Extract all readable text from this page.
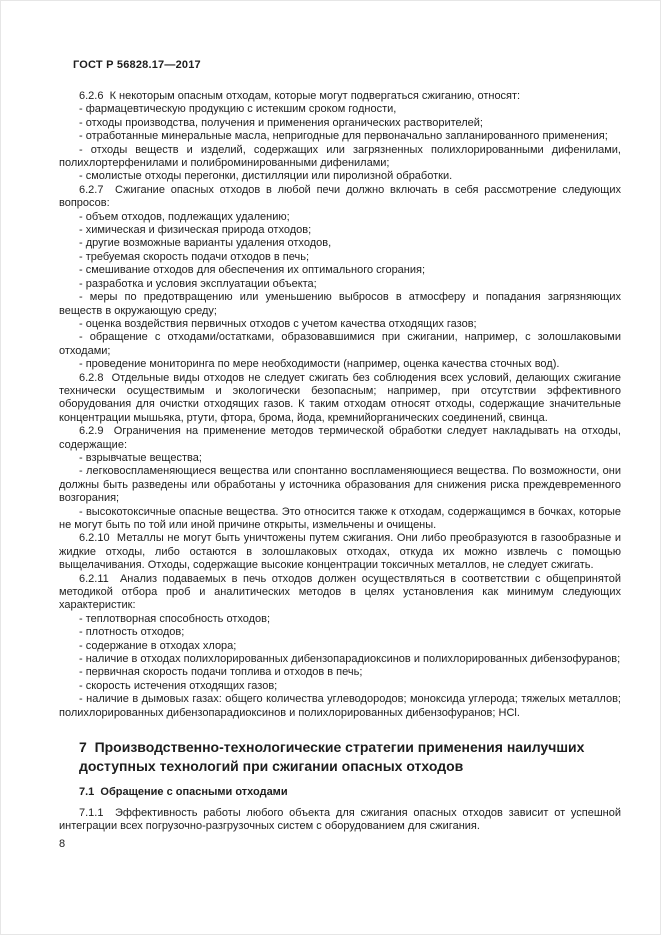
ГОСТ Р 56828.17—2017

6.2.6  К некоторым опасным отходам, которые могут подвергаться сжиганию, относят:

- фармацевтическую продукцию с истекшим сроком годности,

- отходы производства, получения и применения органических растворителей;

- отработанные минеральные масла, непригодные для первоначально запланированного применения;

- отходы веществ и изделий, содержащих или загрязненных полихлорированными дифенилами, полихлортерфенилами и полиброминированными дифенилами;

- смолистые отходы перегонки, дистилляции или пиролизной обработки.

6.2.7  Сжигание опасных отходов в любой печи должно включать в себя рассмотрение следующих вопросов:

- объем отходов, подлежащих удалению;

- химическая и физическая природа отходов;

- другие возможные варианты удаления отходов,

- требуемая скорость подачи отходов в печь;

- смешивание отходов для обеспечения их оптимального сгорания;

- разработка и условия эксплуатации объекта;

- меры по предотвращению или уменьшению выбросов в атмосферу и попадания загрязняющих веществ в окружающую среду;

- оценка воздействия первичных отходов с учетом качества отходящих газов;

- обращение с отходами/остатками, образовавшимися при сжигании, например, с золошлаковыми отходами;

- проведение мониторинга по мере необходимости (например, оценка качества сточных вод).

6.2.8  Отдельные виды отходов не следует сжигать без соблюдения всех условий, делающих сжигание технически осуществимым и экологически безопасным; например, при отсутствии эффективного оборудования для очистки отходящих газов. К таким отходам относят отходы, содержащие значительные концентрации мышьяка, ртути, фтора, брома, йода, кремнийорганических соединений, свинца.

6.2.9  Ограничения на применение методов термической обработки следует накладывать на отходы, содержащие:

- взрывчатые вещества;

- легковоспламеняющиеся вещества или спонтанно воспламеняющиеся вещества. По возможности, они должны быть разведены или обработаны у источника образования для снижения риска преждевременного возгорания;

- высокотоксичные опасные вещества. Это относится также к отходам, содержащимся в бочках, которые не могут быть по той или иной причине открыты, измельчены и очищены.

6.2.10  Металлы не могут быть уничтожены путем сжигания. Они либо преобразуются в газообразные и жидкие отходы, либо остаются в золошлаковых отходах, откуда их можно извлечь с помощью выщелачивания. Отходы, содержащие высокие концентрации токсичных металлов, не следует сжигать.

6.2.11  Анализ подаваемых в печь отходов должен осуществляться в соответствии с общепринятой методикой отбора проб и аналитических методов в целях установления как минимум следующих характеристик:

- теплотворная способность отходов;

- плотность отходов;

- содержание в отходах хлора;

- наличие в отходах полихлорированных дибензопарадиоксинов и полихлорированных дибензофуранов;

- первичная скорость подачи топлива и отходов в печь;

- скорость истечения отходящих газов;

- наличие в дымовых газах: общего количества углеводородов; моноксида углерода; тяжелых металлов; полихлорированных дибензопарадиоксинов и полихлорированных дибензофуранов; HCl.

7  Производственно-технологические стратегии применения наилучших доступных технологий при сжигании опасных отходов

7.1  Обращение с опасными отходами

7.1.1  Эффективность работы любого объекта для сжигания опасных отходов зависит от успешной интеграции всех погрузочно-разгрузочных систем с оборудованием для сжигания.

8
